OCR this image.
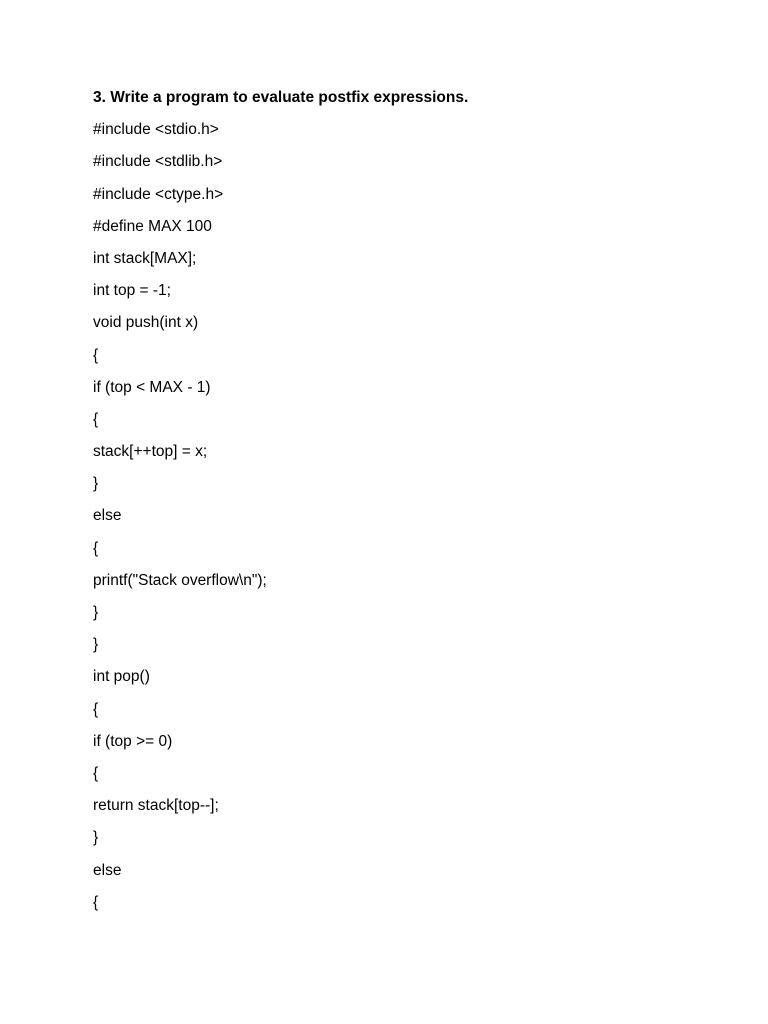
3. Write a program to evaluate postfix expressions.
#include <stdio.h>
#include <stdlib.h>
#include <ctype.h>
#define MAX 100
int stack[MAX];
int top = -1;
void push(int x)
{
if (top < MAX - 1)
{
stack[++top] = x;
}
else
{
printf("Stack overflow\n");
}
}
int pop()
{
if (top >= 0)
{
return stack[top--];
}
else
{
